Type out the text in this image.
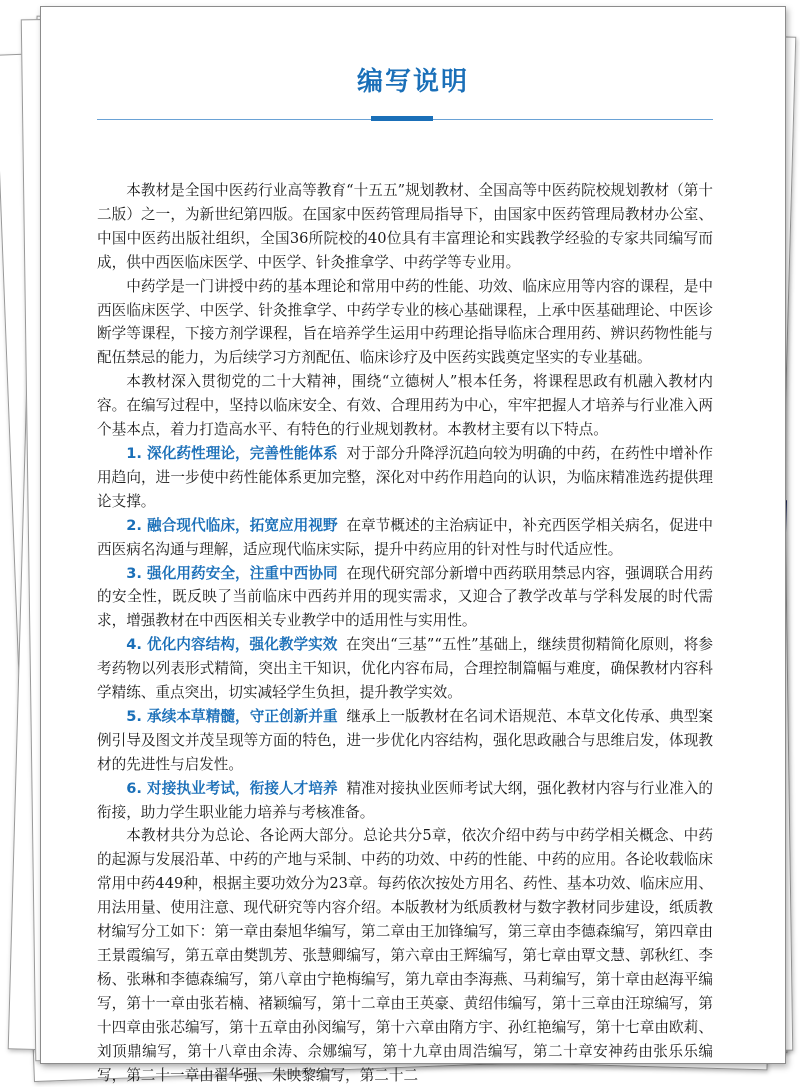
编写说明

本教材是全国中医药行业高等教育“十五五”规划教材、全国高等中医药院校规划教材（第十二版）之一，为新世纪第四版。在国家中医药管理局指导下，由国家中医药管理局教材办公室、中国中医药出版社组织，全国36所院校的40位具有丰富理论和实践教学经验的专家共同编写而成，供中西医临床医学、中医学、针灸推拿学、中药学等专业用。

中药学是一门讲授中药的基本理论和常用中药的性能、功效、临床应用等内容的课程，是中西医临床医学、中医学、针灸推拿学、中药学专业的核心基础课程，上承中医基础理论、中医诊断学等课程，下接方剂学课程，旨在培养学生运用中药理论指导临床合理用药、辨识药物性能与配伍禁忌的能力，为后续学习方剂配伍、临床诊疗及中医药实践奠定坚实的专业基础。

本教材深入贯彻党的二十大精神，围绕“立德树人”根本任务，将课程思政有机融入教材内容。在编写过程中，坚持以临床安全、有效、合理用药为中心，牢牢把握人才培养与行业准入两个基本点，着力打造高水平、有特色的行业规划教材。本教材主要有以下特点。

1. 深化药性理论，完善性能体系 对于部分升降浮沉趋向较为明确的中药，在药性中增补作用趋向，进一步使中药性能体系更加完整，深化对中药作用趋向的认识，为临床精准选药提供理论支撑。

2. 融合现代临床，拓宽应用视野 在章节概述的主治病证中，补充西医学相关病名，促进中西医病名沟通与理解，适应现代临床实际，提升中药应用的针对性与时代适应性。

3. 强化用药安全，注重中西协同 在现代研究部分新增中西药联用禁忌内容，强调联合用药的安全性，既反映了当前临床中西药并用的现实需求，又迎合了教学改革与学科发展的时代需求，增强教材在中西医相关专业教学中的适用性与实用性。

4. 优化内容结构，强化教学实效 在突出“三基”“五性”基础上，继续贯彻精简化原则，将参考药物以列表形式精简，突出主干知识，优化内容布局，合理控制篇幅与难度，确保教材内容科学精练、重点突出，切实减轻学生负担，提升教学实效。

5. 承续本草精髓，守正创新并重 继承上一版教材在名词术语规范、本草文化传承、典型案例引导及图文并茂呈现等方面的特色，进一步优化内容结构，强化思政融合与思维启发，体现教材的先进性与启发性。

6. 对接执业考试，衔接人才培养 精准对接执业医师考试大纲，强化教材内容与行业准入的衔接，助力学生职业能力培养与考核准备。

本教材共分为总论、各论两大部分。总论共分5章，依次介绍中药与中药学相关概念、中药的起源与发展沿革、中药的产地与采制、中药的功效、中药的性能、中药的应用。各论收载临床常用中药449种，根据主要功效分为23章。每药依次按处方用名、药性、基本功效、临床应用、用法用量、使用注意、现代研究等内容介绍。本版教材为纸质教材与数字教材同步建设，纸质教材编写分工如下：第一章由秦旭华编写，第二章由王加锋编写，第三章由李德森编写，第四章由王景霞编写，第五章由樊凯芳、张慧卿编写，第六章由王辉编写，第七章由覃文慧、郭秋红、李杨、张琳和李德森编写，第八章由宁艳梅编写，第九章由李海燕、马莉编写，第十章由赵海平编写，第十一章由张若楠、褚颖编写，第十二章由王英豪、黄绍伟编写，第十三章由汪琼编写，第十四章由张芯编写，第十五章由孙闵编写，第十六章由隋方宇、孙红艳编写，第十七章由欧莉、刘顶鼎编写，第十八章由余涛、佘娜编写，第十九章由周浩编写，第二十章安神药由张乐乐编写，第二十一章由翟华强、朱映黎编写，第二十二
